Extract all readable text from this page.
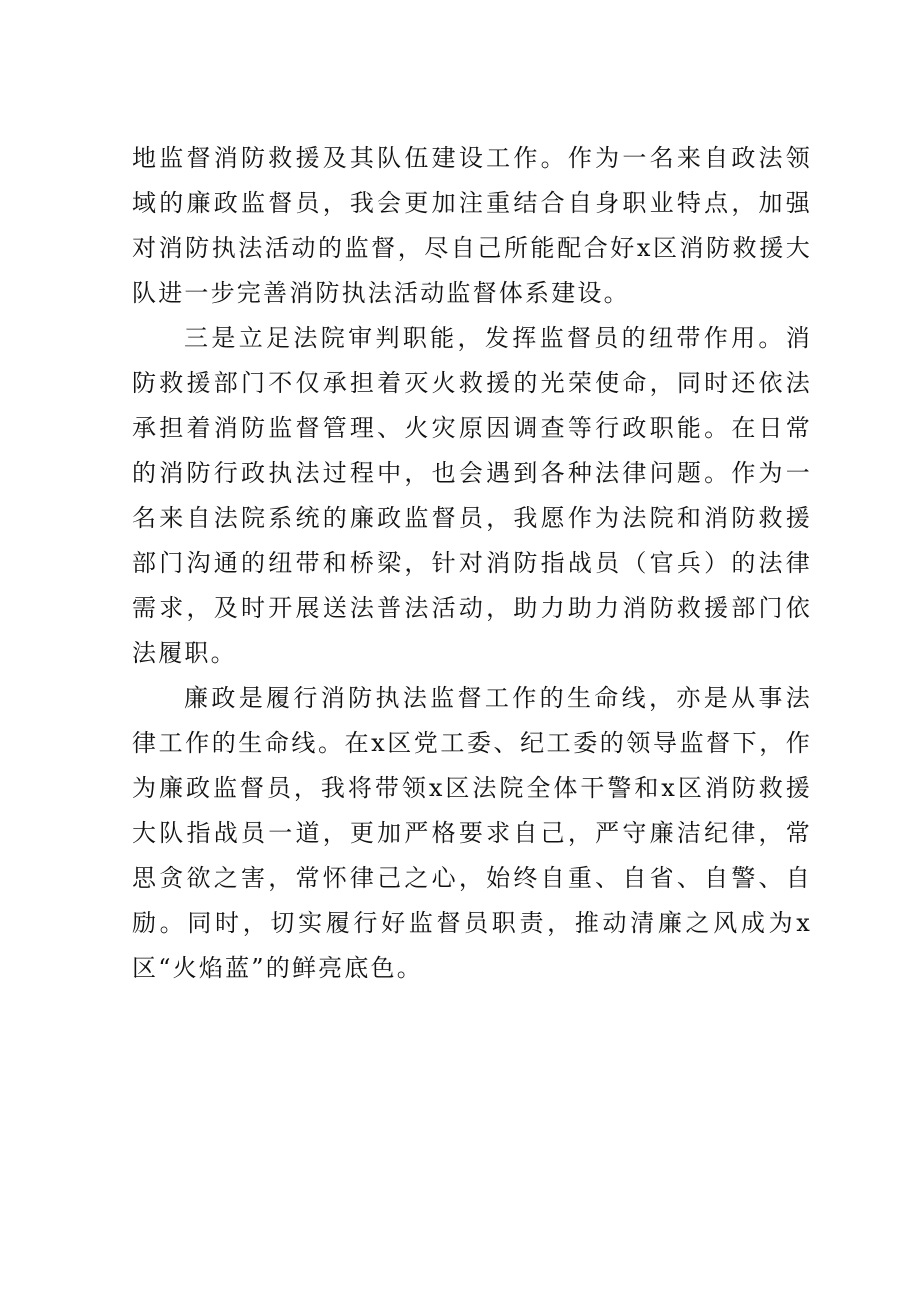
地监督消防救援及其队伍建设工作。作为一名来自政法领域的廉政监督员，我会更加注重结合自身职业特点，加强对消防执法活动的监督，尽自己所能配合好x区消防救援大队进一步完善消防执法活动监督体系建设。

三是立足法院审判职能，发挥监督员的纽带作用。消防救援部门不仅承担着灭火救援的光荣使命，同时还依法承担着消防监督管理、火灾原因调查等行政职能。在日常的消防行政执法过程中，也会遇到各种法律问题。作为一名来自法院系统的廉政监督员，我愿作为法院和消防救援部门沟通的纽带和桥梁，针对消防指战员（官兵）的法律需求，及时开展送法普法活动，助力助力消防救援部门依法履职。

廉政是履行消防执法监督工作的生命线，亦是从事法律工作的生命线。在x区党工委、纪工委的领导监督下，作为廉政监督员，我将带领x区法院全体干警和x区消防救援大队指战员一道，更加严格要求自己，严守廉洁纪律，常思贪欲之害，常怀律己之心，始终自重、自省、自警、自励。同时，切实履行好监督员职责，推动清廉之风成为x区“火焰蓝”的鲜亮底色。
